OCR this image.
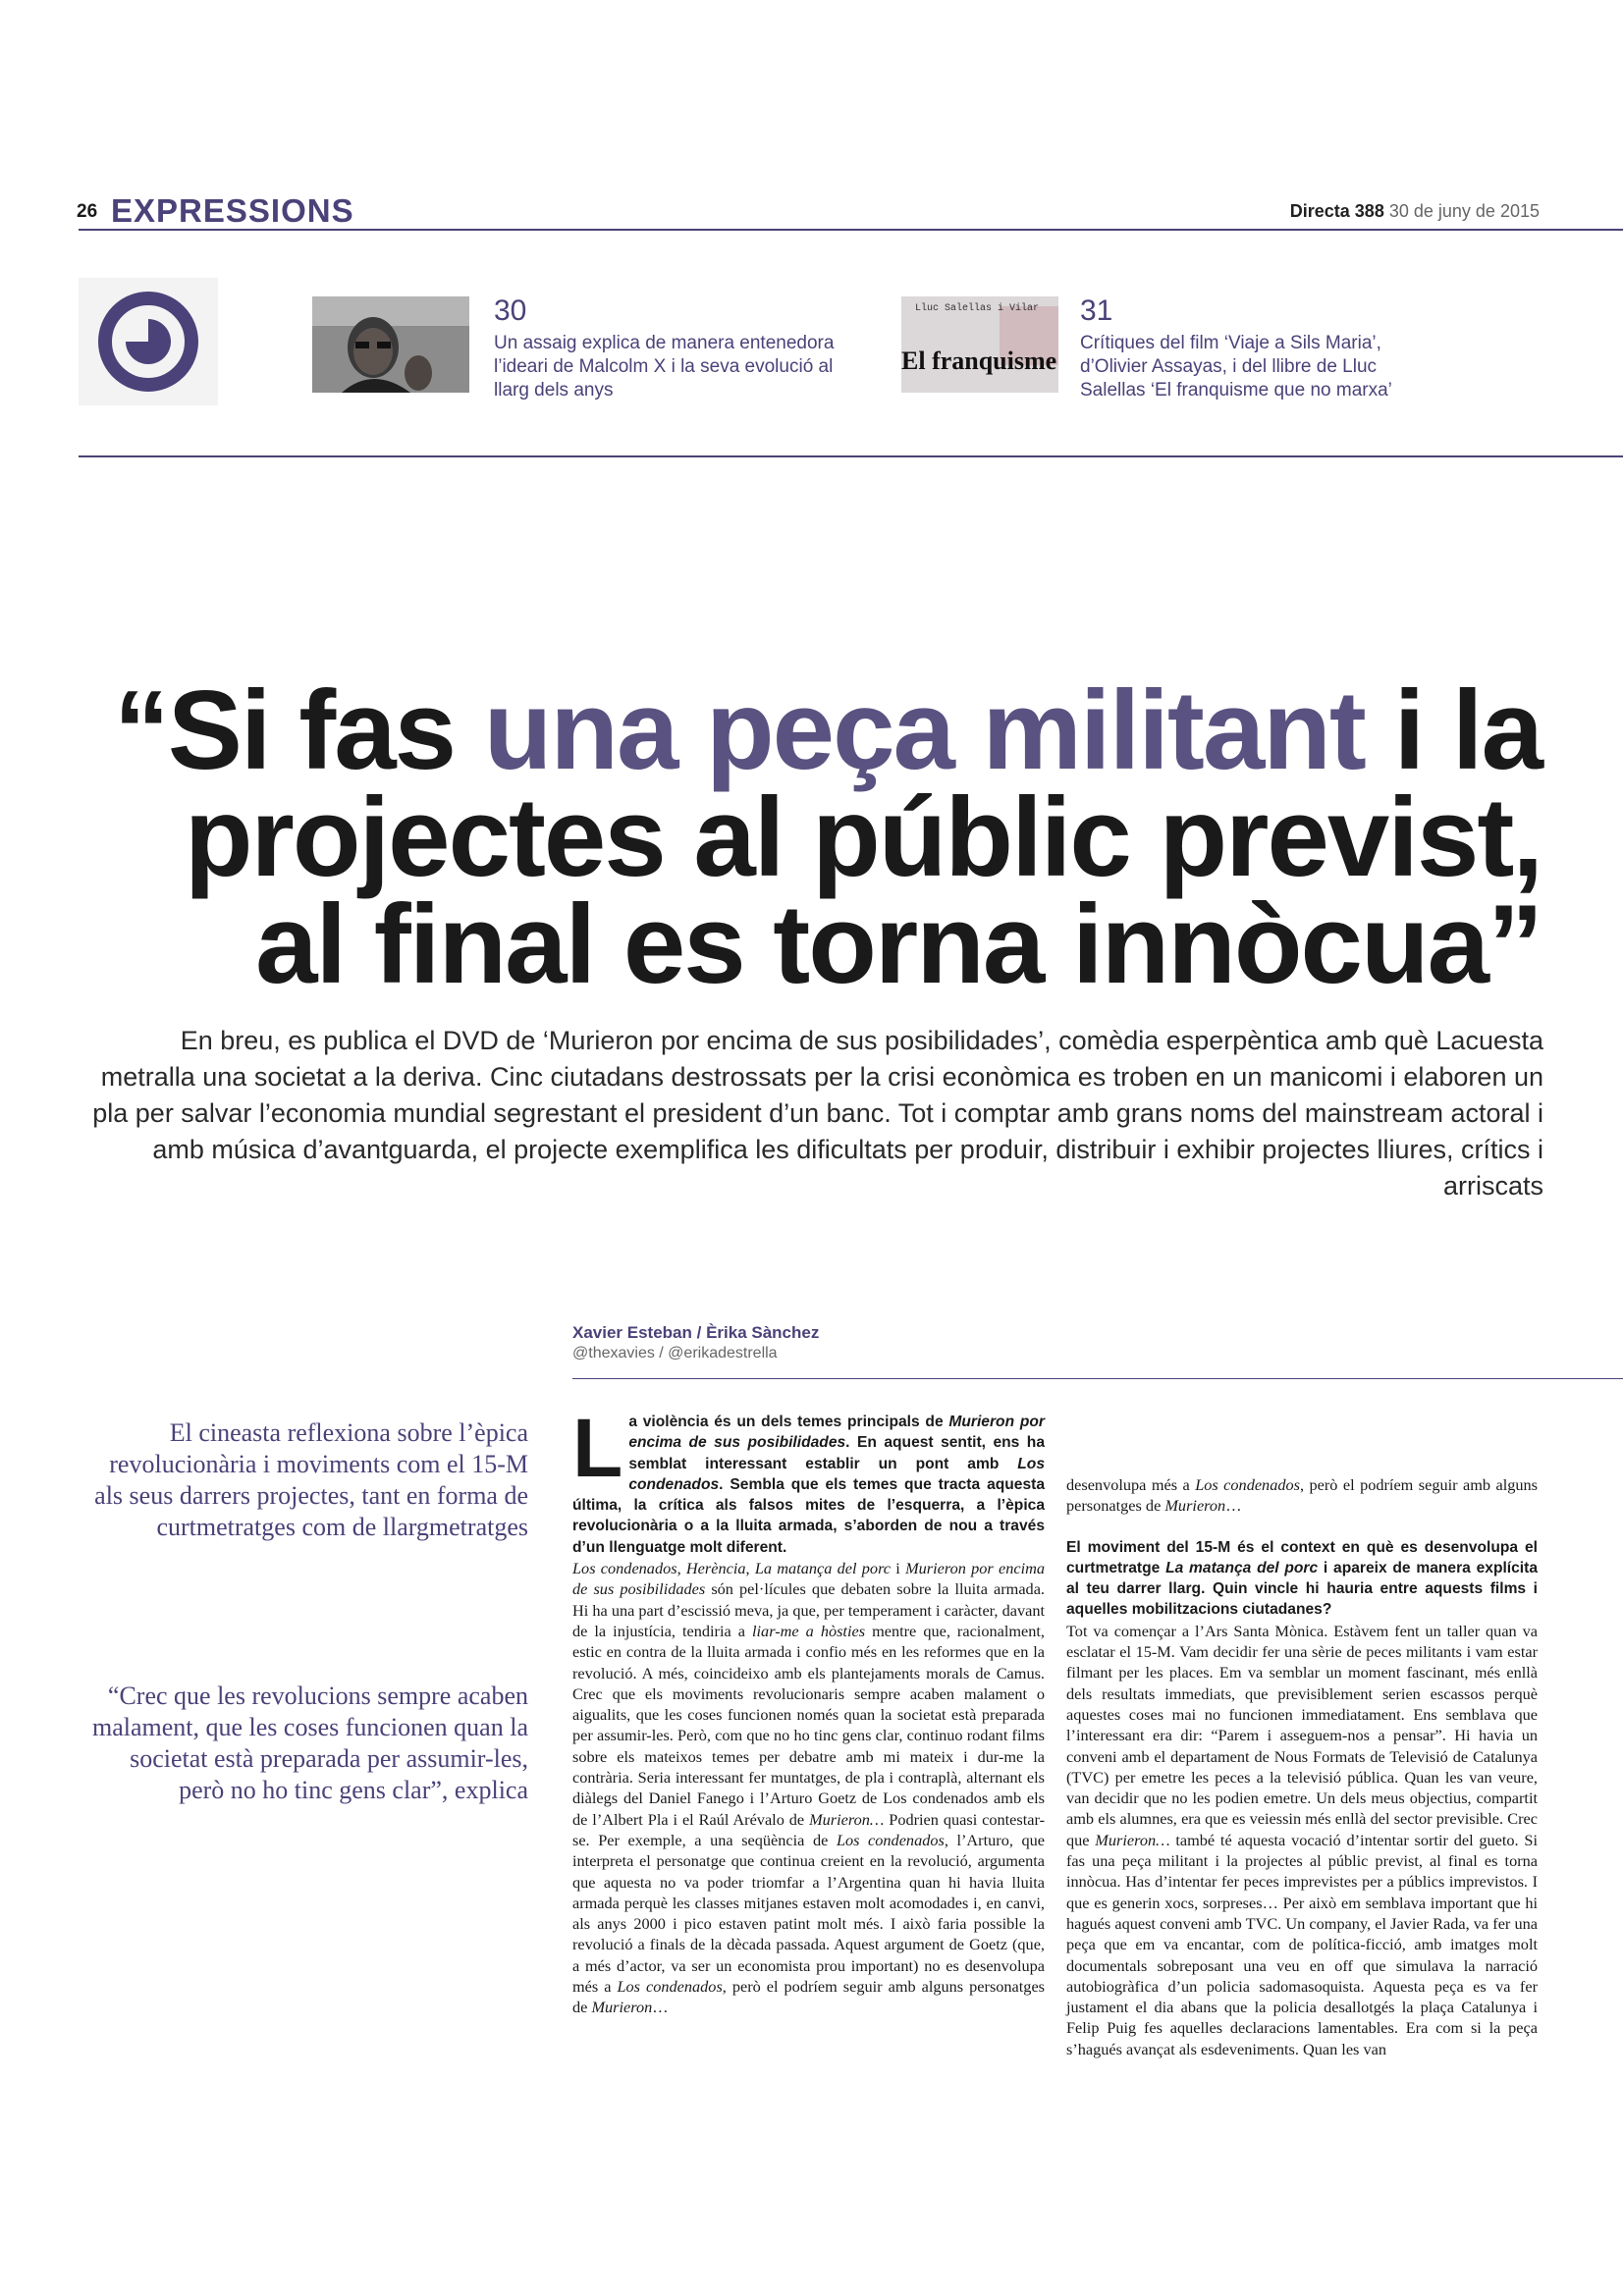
26 EXPRESSIONS	Directa 388 30 de juny de 2015
30
Un assaig explica de manera entenedora l’ideari de Malcolm X i la seva evolució al llarg dels anys
El franquisme
Lluc Salellas i Vilar 31
Crítiques del film ‘Viaje a Sils Maria’, d’Olivier Assayas, i del llibre de Lluc Salellas ‘El franquisme que no marxa’
“Si fas una peça militant i la projectes al públic previst, al final es torna innòcua”
En breu, es publica el DVD de ‘Murieron por encima de sus posibilidades’, comèdia esperpèntica amb què Lacuesta metralla una societat a la deriva. Cinc ciutadans destrossats per la crisi econòmica es troben en un manicomi i elaboren un pla per salvar l’economia mundial segrestant el president d’un banc. Tot i comptar amb grans noms del mainstream actoral i amb música d’avantguarda, el projecte exemplifica les dificultats per produir, distribuir i exhibir projectes lliures, crítics i arriscats
Xavier Esteban / Èrika Sànchez
@thexavies / @erikadestrella
El cineasta reflexiona sobre l’èpica revolucionària i moviments com el 15-M als seus darrers projectes, tant en forma de curtmetratges com de llargmetratges
“Crec que les revolucions sempre acaben malament, que les coses funcionen quan la societat està preparada per assumir-les, però no ho tinc gens clar”, explica

La violència és un dels temes principals de Murieron por encima de sus posibilidades. En aquest sentit, ens ha semblat interessant establir un pont amb Los condenados. Sembla que els temes que tracta aquesta última, la crítica als falsos mites de l’esquerra, a l’èpica revolucionària o a la lluita armada, s’aborden de nou a través d’un llenguatge molt diferent.

Los condenados, Herència, La matança del porc i Murieron por encima de sus posibilidades són pel·lícules que debaten sobre la lluita armada. Hi ha una part d’escissió meva, ja que, per temperament i caràcter, davant de la injustícia, tendiria a liar-me a hòsties mentre que, racionalment, estic en contra de la lluita armada i confio més en les reformes que en la revolució. A més, coincideixo amb els plantejaments morals de Camus. Crec que els moviments revolucionaris sempre acaben malament o aigualits, que les coses funcionen només quan la societat està preparada per assumir-les. Però, com que no ho tinc gens clar, continuo rodant films sobre els mateixos temes per debatre amb mi mateix i dur-me la contrària. Seria interessant fer muntatges, de pla i contraplà, alternant els diàlegs del Daniel Fanego i l’Arturo Goetz de Los condenados amb els de l’Albert Pla i el Raúl Arévalo de Murieron… Podrien quasi contestar-se. Per exemple, a una seqüència de Los condenados, l’Arturo, que interpreta el personatge que continua creient en la revolució, argumenta que aquesta no va poder triomfar a l’Argentina quan hi havia lluita armada perquè les classes mitjanes estaven molt acomodades i, en canvi, als anys 2000 i pico estaven patint molt més. I això faria possible la revolució a finals de la dècada passada. Aquest argument de Goetz (que, a més d’actor, va ser un economista prou important) no es desenvolupa més a Los condenados, però el podríem seguir amb alguns personatges de Murieron…

desenvolupa més a Los condenados, però el podríem seguir amb alguns personatges de Murieron…

El moviment del 15-M és el context en què es desenvolupa el curtmetratge La matança del porc i apareix de manera explícita al teu darrer llarg. Quin vincle hi hauria entre aquests films i aquelles mobilitzacions ciutadanes?

Tot va començar a l’Ars Santa Mònica. Estàvem fent un taller quan va esclatar el 15-M. Vam decidir fer una sèrie de peces militants i vam estar filmant per les places. Em va semblar un moment fascinant, més enllà dels resultats immediats, que previsiblement serien escassos perquè aquestes coses mai no funcionen immediatament. Ens semblava que l’interessant era dir: “Parem i asseguem-nos a pensar”. Hi havia un conveni amb el departament de Nous Formats de Televisió de Catalunya (TVC) per emetre les peces a la televisió pública. Quan les van veure, van decidir que no les podien emetre. Un dels meus objectius, compartit amb els alumnes, era que es veiessin més enllà del sector previsible. Crec que Murieron… també té aquesta vocació d’intentar sortir del gueto. Si fas una peça militant i la projectes al públic previst, al final es torna innòcua. Has d’intentar fer peces imprevistes per a públics imprevistos. I que es generin xocs, sorpreses… Per això em semblava important que hi hagués aquest conveni amb TVC. Un company, el Javier Rada, va fer una peça que em va encantar, com de política-ficció, amb imatges molt documentals sobreposant una veu en off que simulava la narració autobiogràfica d’un policia sadomasoquista. Aquesta peça es va fer justament el dia abans que la policia desallotgés la plaça Catalunya i Felip Puig fes aquelles declaracions lamentables. Era com si la peça s’hagués avançat als esdeveniments. Quan les van
